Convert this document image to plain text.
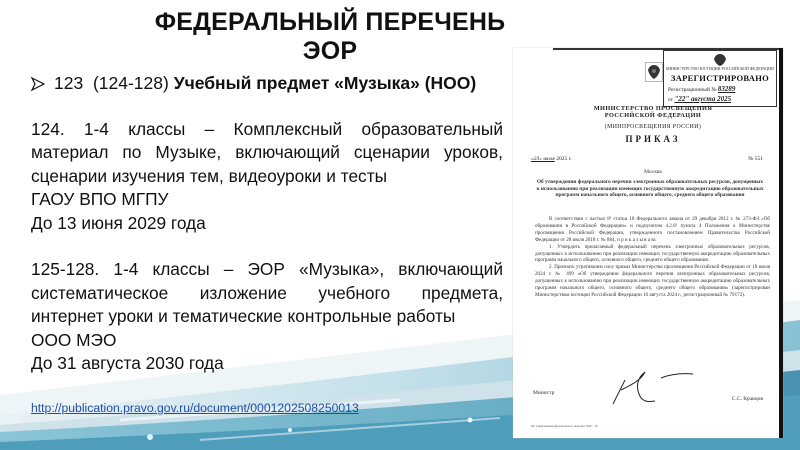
ФЕДЕРАЛЬНЫЙ ПЕРЕЧЕНЬ ЭОР
123
(124-128)
Учебный предмет «Музыка» (НОО)
124. 1-4 классы – Комплексный образовательный
материал по Музыке, включающий сценарии уроков,
сценарии изучения тем, видеоуроки и тесты
ГАОУ ВПО МГПУ
До 13 июня 2029 года
125-128. 1-4 классы – ЭОР «Музыка», включающий
систематическое изложение учебного предмета,
интернет уроки и тематические контрольные работы
ООО МЭО
До 31 августа 2030 года
http://publication.pravo.gov.ru/document/0001202508250013
МИНИСТЕРСТВО ЮСТИЦИИ РОССИЙСКОЙ ФЕДЕРАЦИИ
ЗАРЕГИСТРИРОВАНО
Регистрационный № 83289
от "22" августа 2025
МИНИСТЕРСТВО ПРОСВЕЩЕНИЯ
РОССИЙСКОЙ ФЕДЕРАЦИИ
(МИНПРОСВЕЩЕНИЯ РОССИИ)
ПРИКАЗ
«23» июля 2025 г.	№ 551
Москва
Об утверждении федерального перечня электронных образовательных ресурсов, допущенных к использованию при реализации имеющих государственную аккредитацию образовательных программ начального общего, основного общего, среднего общего образования

В соответствии с частью 8¹ статьи 18 Федерального закона от 29 декабря 2012 г. № 273-ФЗ «Об образовании в Российской Федерации» и подпунктом 4.2.8¹ пункта 4 Положения о Министерстве просвещения Российской Федерации, утвержденного постановлением Правительства Российской Федерации от 28 июля 2018 г. № 884, п р и к а з ы в а ю:

1. Утвердить прилагаемый федеральный перечень электронных образовательных ресурсов, допущенных к использованию при реализации имеющих государственную аккредитацию образовательных программ начального общего, основного общего, среднего общего образования.

2. Признать утратившим силу приказ Министерства просвещения Российской Федерации от 18 июля 2024 г. № 499 «Об утверждении федерального перечня электронных образовательных ресурсов, допущенных к использованию при реализации имеющих государственную аккредитацию образовательных программ начального общего, основного общего, среднего общего образования» (зарегистрирован Министерством юстиции Российской Федерации 16 августа 2024 г., регистрационный № 79172).

Министр
С.С. Кравцов
Об утверждении федерального перечня ЭОР - 10
